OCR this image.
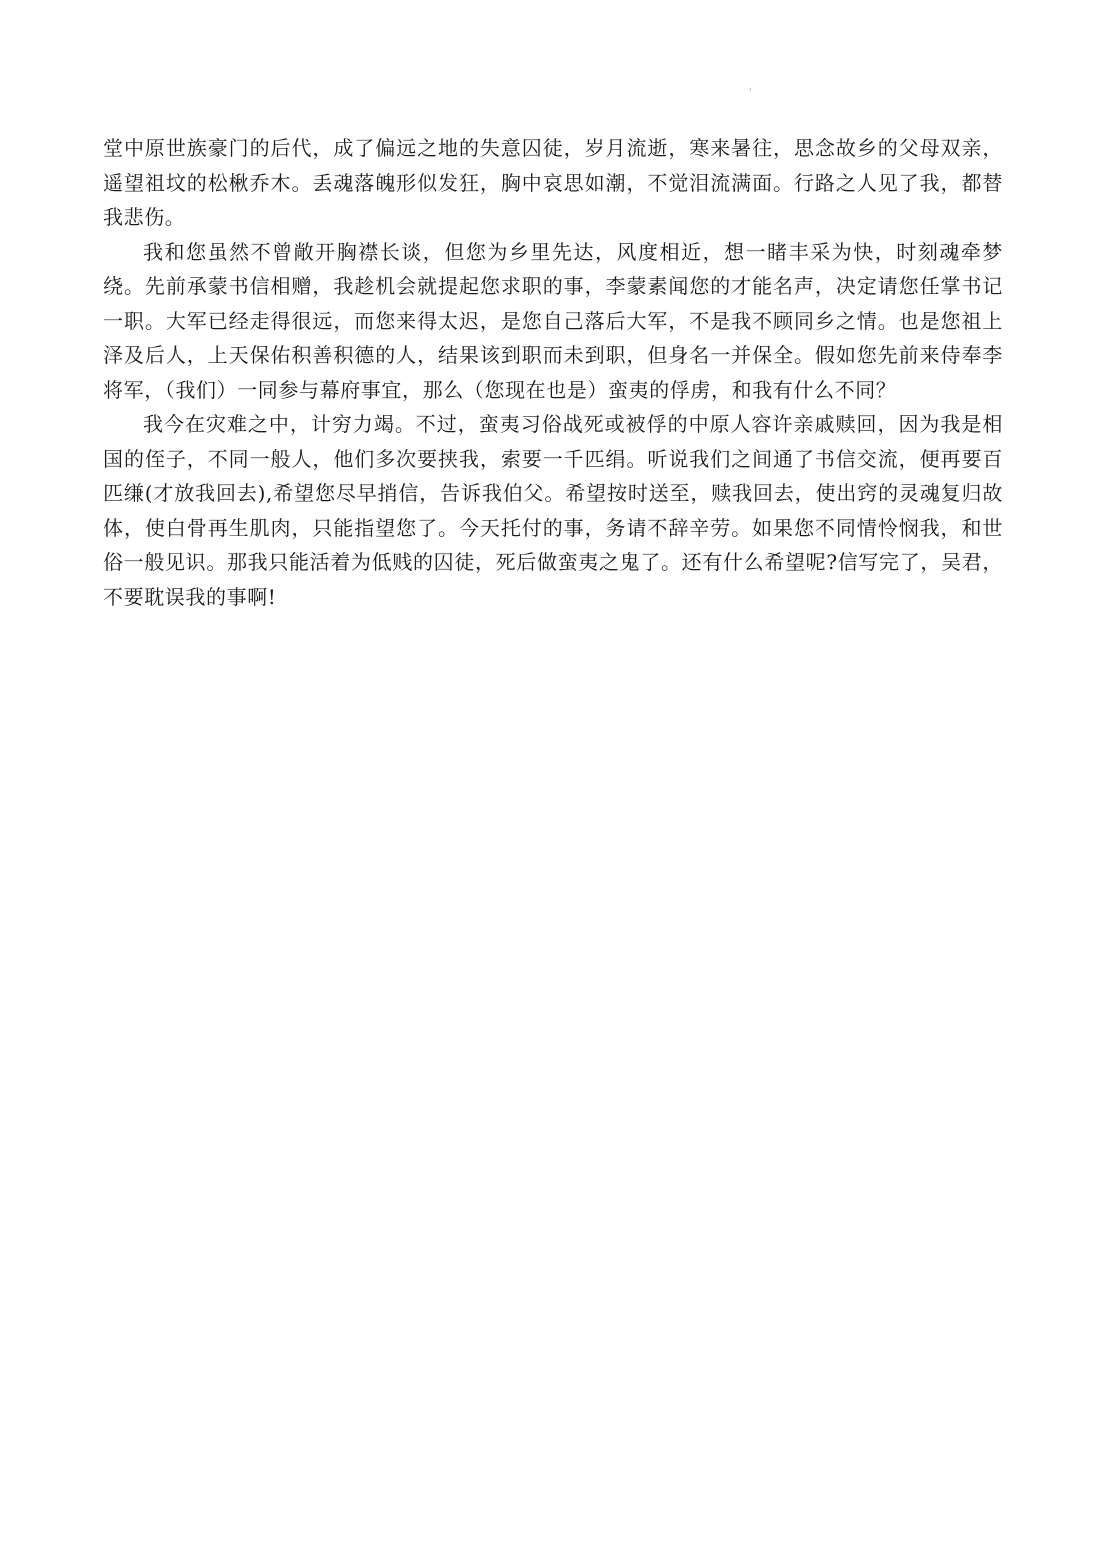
'

堂中原世族豪门的后代，成了偏远之地的失意囚徒，岁月流逝，寒来暑往，思念故乡的父母双亲，遥望祖坟的松楸乔木。丢魂落魄形似发狂，胸中哀思如潮，不觉泪流满面。行路之人见了我，都替我悲伤。

我和您虽然不曾敞开胸襟长谈，但您为乡里先达，风度相近，想一睹丰采为快，时刻魂牵梦绕。先前承蒙书信相赠，我趁机会就提起您求职的事，李蒙素闻您的才能名声，决定请您任掌书记一职。大军已经走得很远，而您来得太迟，是您自己落后大军，不是我不顾同乡之情。也是您祖上泽及后人，上天保佑积善积德的人，结果该到职而未到职，但身名一并保全。假如您先前来侍奉李将军，（我们）一同参与幕府事宜，那么（您现在也是）蛮夷的俘虏，和我有什么不同？

我今在灾难之中，计穷力竭。不过，蛮夷习俗战死或被俘的中原人容许亲戚赎回，因为我是相国的侄子，不同一般人，他们多次要挟我，索要一千匹绢。听说我们之间通了书信交流，便再要百匹缣(才放我回去),希望您尽早捎信，告诉我伯父。希望按时送至，赎我回去，使出窍的灵魂复归故体，使白骨再生肌肉，只能指望您了。今天托付的事，务请不辞辛劳。如果您不同情怜悯我，和世俗一般见识。那我只能活着为低贱的囚徒，死后做蛮夷之鬼了。还有什么希望呢?信写完了，吴君，不要耽误我的事啊!
